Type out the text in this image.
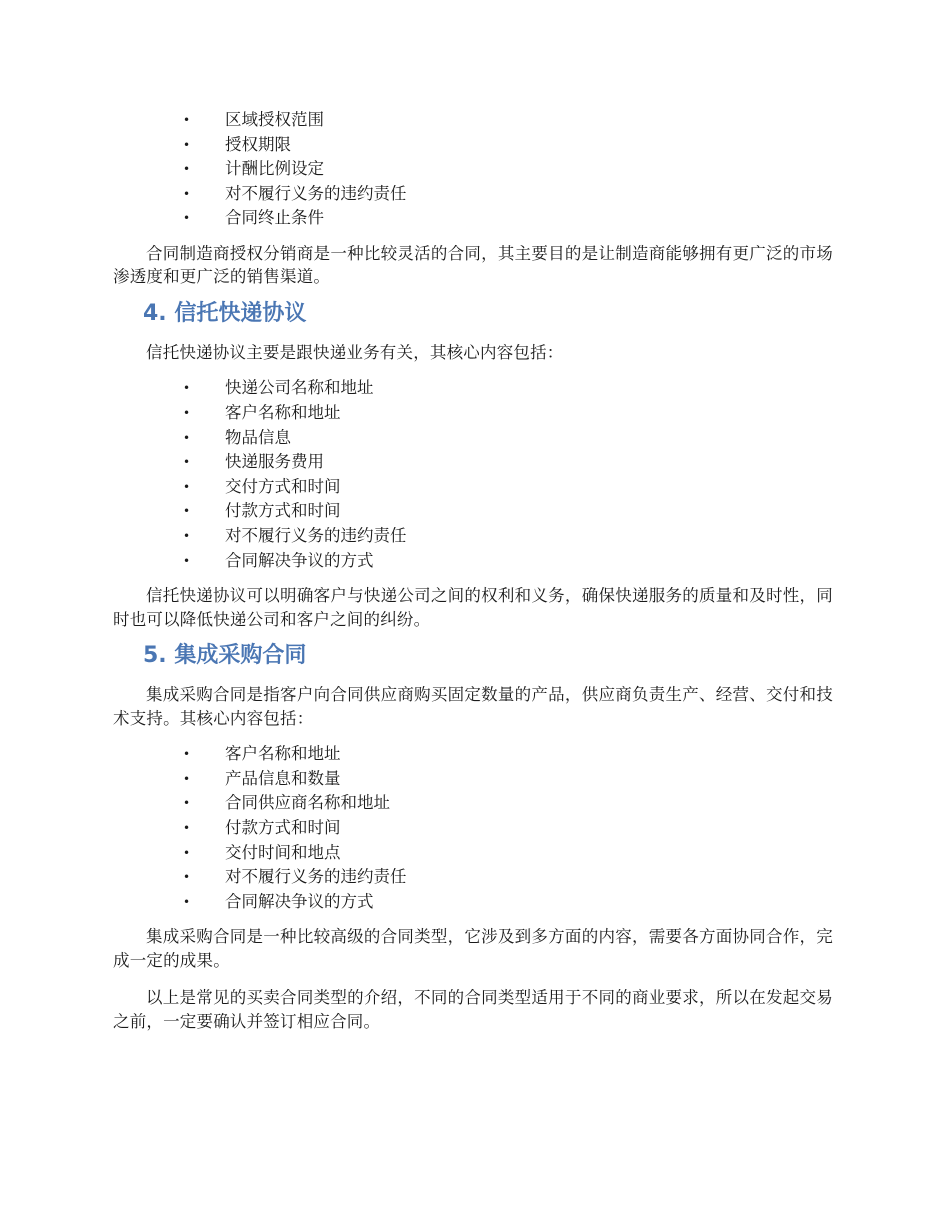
• 区域授权范围
• 授权期限
• 计酬比例设定
• 对不履行义务的违约责任
• 合同终止条件

合同制造商授权分销商是一种比较灵活的合同，其主要目的是让制造商能够拥有更广泛的市场渗透度和更广泛的销售渠道。

4. 信托快递协议

信托快递协议主要是跟快递业务有关，其核心内容包括：

• 快递公司名称和地址
• 客户名称和地址
• 物品信息
• 快递服务费用
• 交付方式和时间
• 付款方式和时间
• 对不履行义务的违约责任
• 合同解决争议的方式

信托快递协议可以明确客户与快递公司之间的权利和义务，确保快递服务的质量和及时性，同时也可以降低快递公司和客户之间的纠纷。

5. 集成采购合同

集成采购合同是指客户向合同供应商购买固定数量的产品，供应商负责生产、经营、交付和技术支持。其核心内容包括：

• 客户名称和地址
• 产品信息和数量
• 合同供应商名称和地址
• 付款方式和时间
• 交付时间和地点
• 对不履行义务的违约责任
• 合同解决争议的方式

集成采购合同是一种比较高级的合同类型，它涉及到多方面的内容，需要各方面协同合作，完成一定的成果。

以上是常见的买卖合同类型的介绍，不同的合同类型适用于不同的商业要求，所以在发起交易之前，一定要确认并签订相应合同。
